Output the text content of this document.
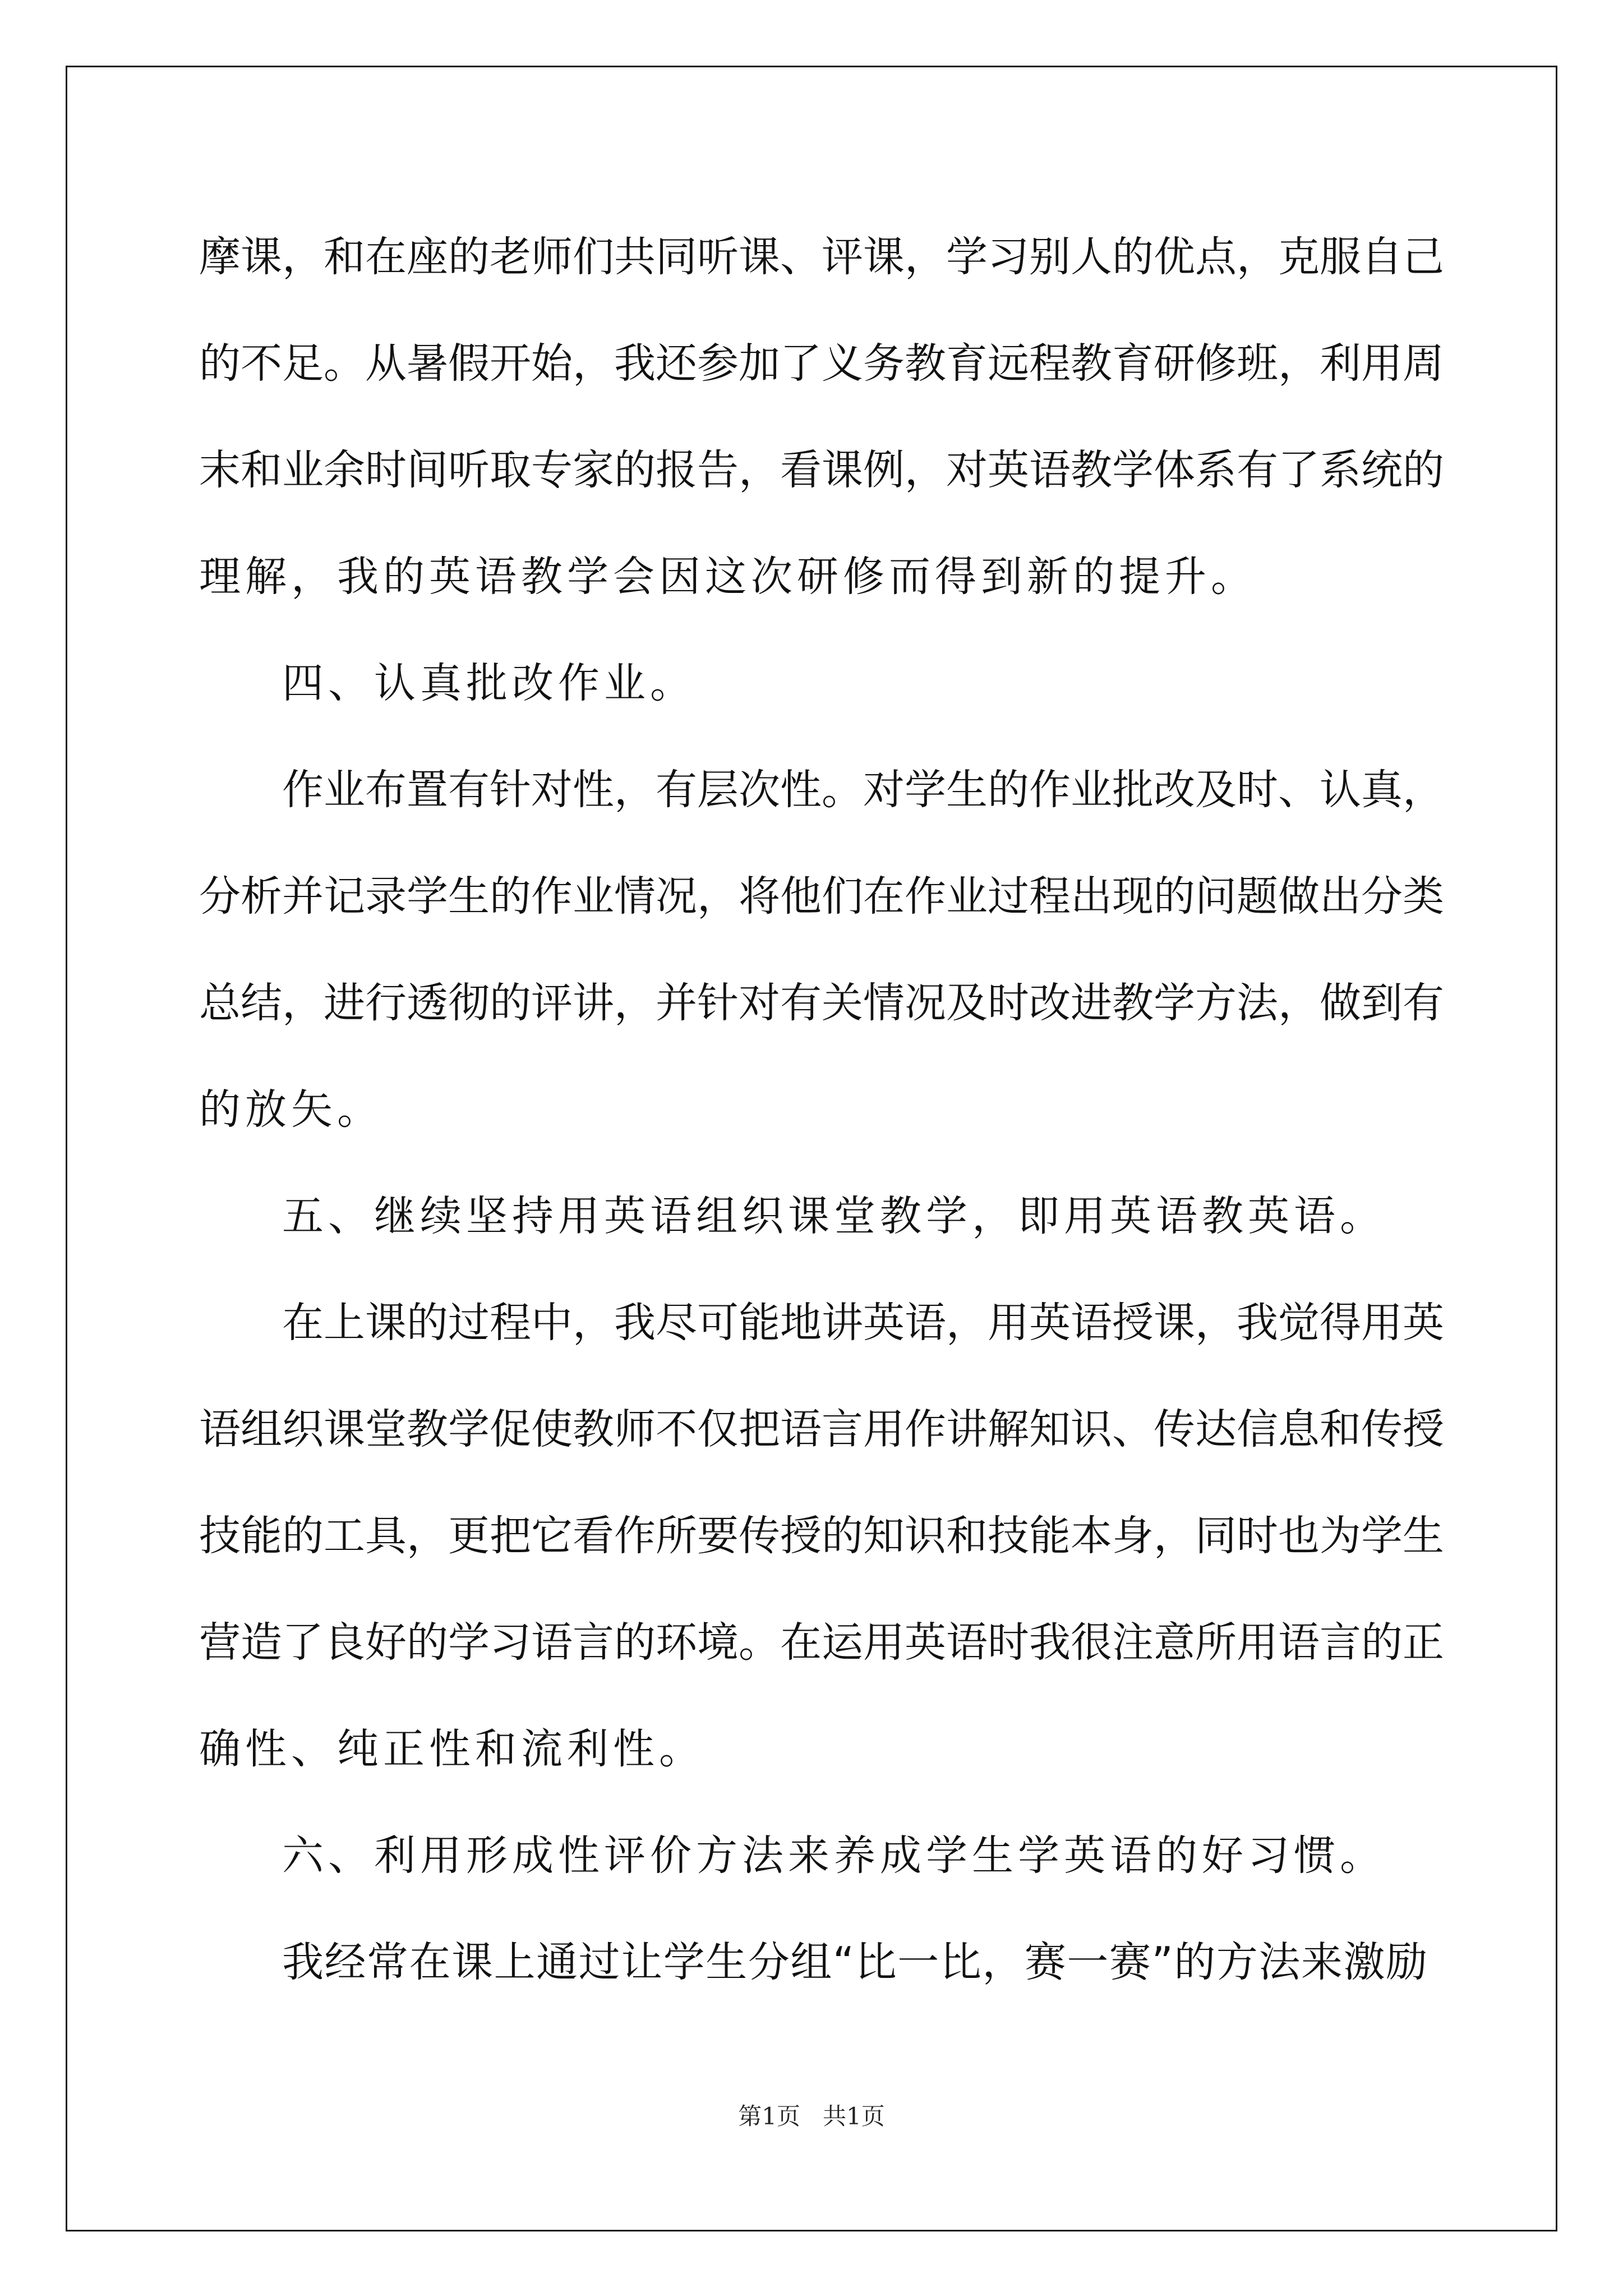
摩课，和在座的老师们共同听课、评课，学习别人的优点，克服自己
的不足。从暑假开始，我还参加了义务教育远程教育研修班，利用周
末和业余时间听取专家的报告，看课例，对英语教学体系有了系统的
理解，我的英语教学会因这次研修而得到新的提升。
四、认真批改作业。
作业布置有针对性，有层次性。对学生的作业批改及时、认真，
分析并记录学生的作业情况，将他们在作业过程出现的问题做出分类
总结，进行透彻的评讲，并针对有关情况及时改进教学方法，做到有
的放矢。
五、继续坚持用英语组织课堂教学，即用英语教英语。
在上课的过程中，我尽可能地讲英语，用英语授课，我觉得用英
语组织课堂教学促使教师不仅把语言用作讲解知识、传达信息和传授
技能的工具，更把它看作所要传授的知识和技能本身，同时也为学生
营造了良好的学习语言的环境。在运用英语时我很注意所用语言的正
确性、纯正性和流利性。
六、利用形成性评价方法来养成学生学英语的好习惯。
我经常在课上通过让学生分组“比一比，赛一赛”的方法来激励
第1页 共1页
